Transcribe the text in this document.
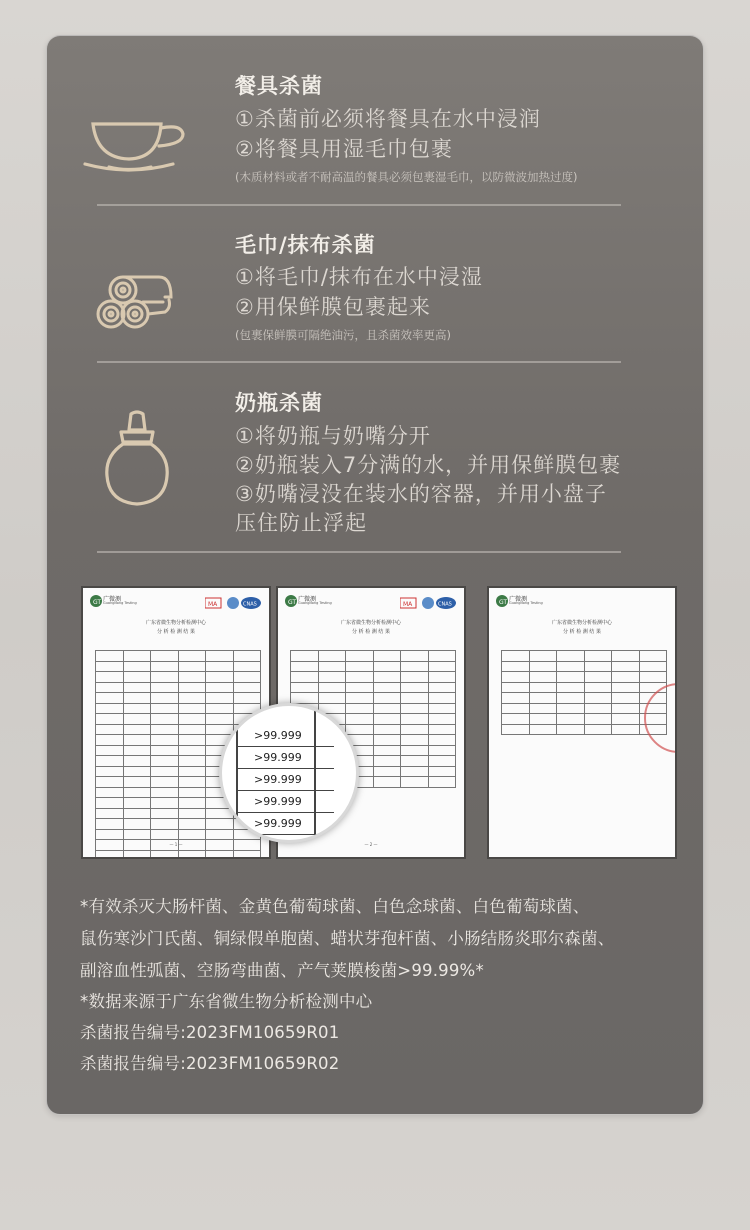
餐具杀菌
①杀菌前必须将餐具在水中浸润
②将餐具用湿毛巾包裹
(木质材料或者不耐高温的餐具必须包裹湿毛巾，以防微波加热过度)
毛巾/抹布杀菌
①将毛巾/抹布在水中浸湿
②用保鲜膜包裹起来
(包裹保鲜膜可隔绝油污，且杀菌效率更高)
奶瓶杀菌
①将奶瓶与奶嘴分开
②奶瓶装入7分满的水，并用保鲜膜包裹
③奶嘴浸没在装水的容器，并用小盘子
压住防止浮起
GT 广微测
Guangdong Testing	MA	CNAS
广东省微生物分析检测中心
分 析 检 测 结 果

— 1 —
GT 广微测
Guangdong Testing	MA	CNAS
广东省微生物分析检测中心
分 析 检 测 结 果

— 2 —
GT 广微测
Guangdong Testing
广东省微生物分析检测中心
分 析 检 测 结 果

>99.999
>99.999
>99.999
>99.999
>99.999
*有效杀灭大肠杆菌、金黄色葡萄球菌、白色念球菌、白色葡萄球菌、
鼠伤寒沙门氏菌、铜绿假单胞菌、蜡状芽孢杆菌、小肠结肠炎耶尔森菌、
副溶血性弧菌、空肠弯曲菌、产气荚膜梭菌>99.99%*
*数据来源于广东省微生物分析检测中心
杀菌报告编号:2023FM10659R01
杀菌报告编号:2023FM10659R02
